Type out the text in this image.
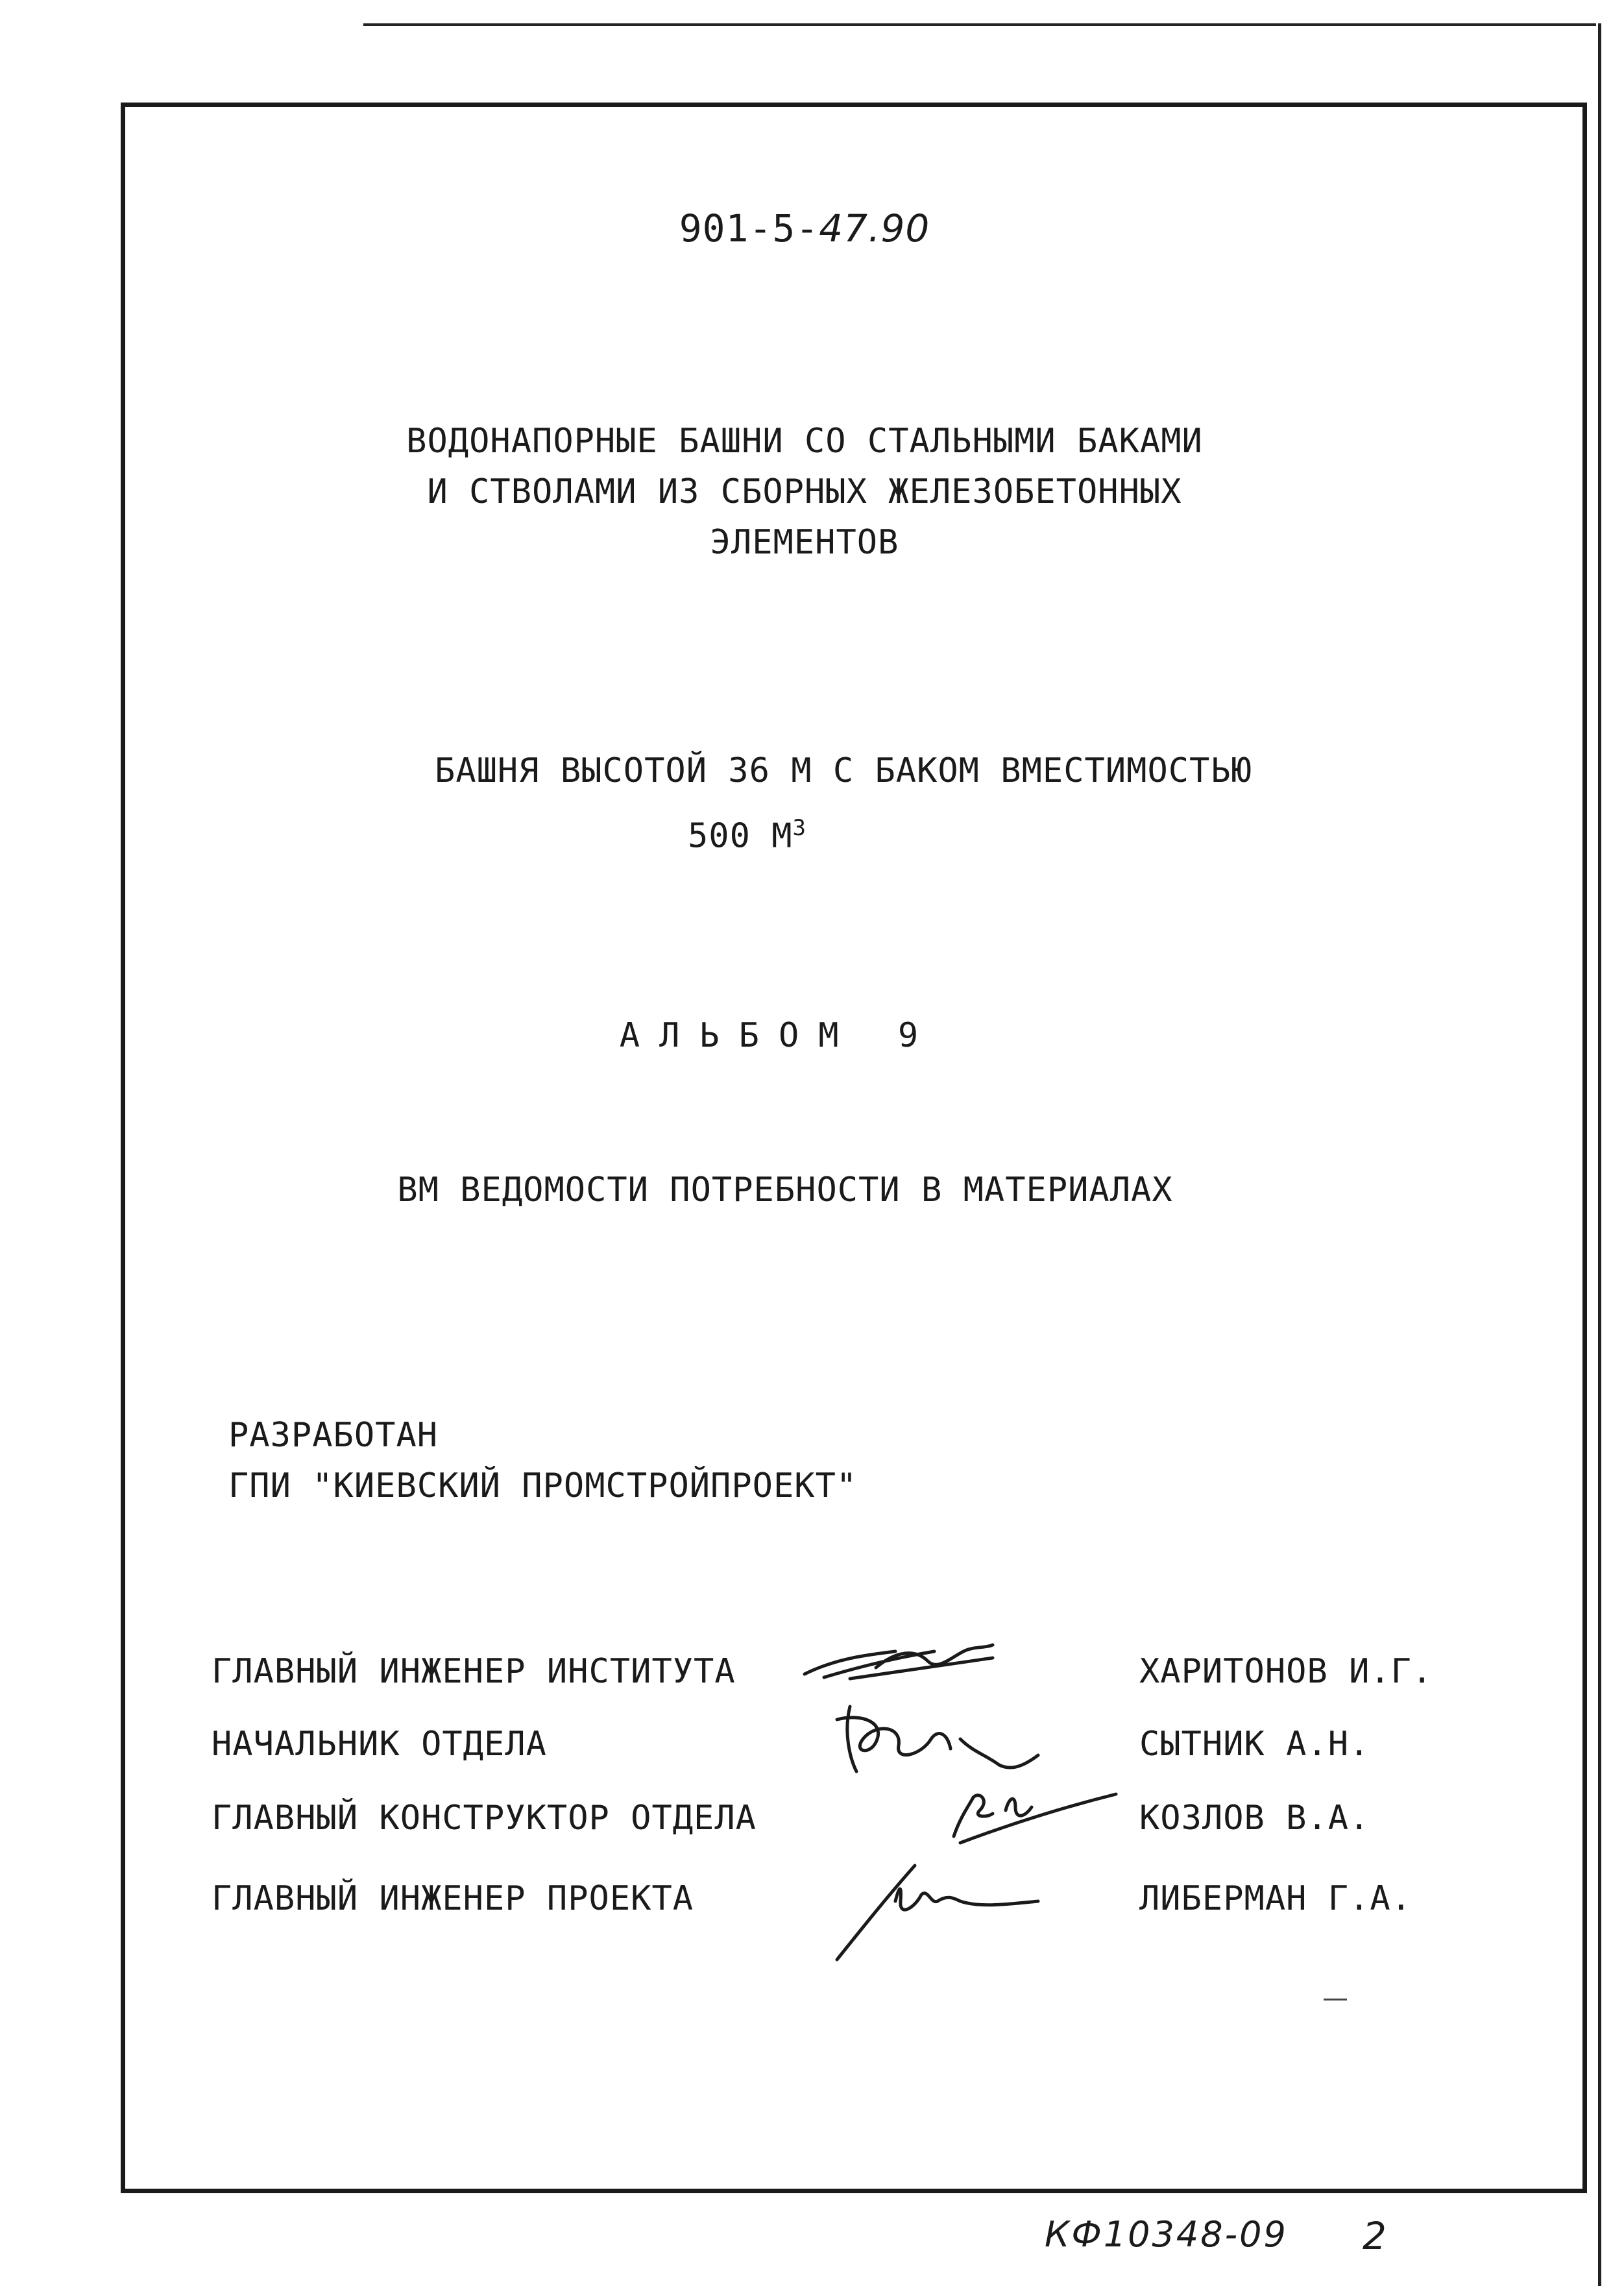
901-5-47.90
ВОДОНАПОРНЫЕ БАШНИ СО СТАЛЬНЫМИ БАКАМИ
И СТВОЛАМИ ИЗ СБОРНЫХ ЖЕЛЕЗОБЕТОННЫХ
ЭЛЕМЕНТОВ
БАШНЯ ВЫСОТОЙ 36 М С БАКОМ ВМЕСТИМОСТЬЮ
500 $М^3$
АЛЬБОМ 9
ВМ ВЕДОМОСТИ ПОТРЕБНОСТИ В МАТЕРИАЛАХ
РАЗРАБОТАН
ГПИ "КИЕВСКИЙ ПРОМСТРОЙПРОЕКТ"
ГЛАВНЫЙ ИНЖЕНЕР ИНСТИТУТА	ХАРИТОНОВ И.Г.
НАЧАЛЬНИК ОТДЕЛА	СЫТНИК А.Н.
ГЛАВНЫЙ КОНСТРУКТОР ОТДЕЛА	КОЗЛОВ В.А.
ГЛАВНЫЙ ИНЖЕНЕР ПРОЕКТА	ЛИБЕРМАН Г.А.
КФ10348-09 2
